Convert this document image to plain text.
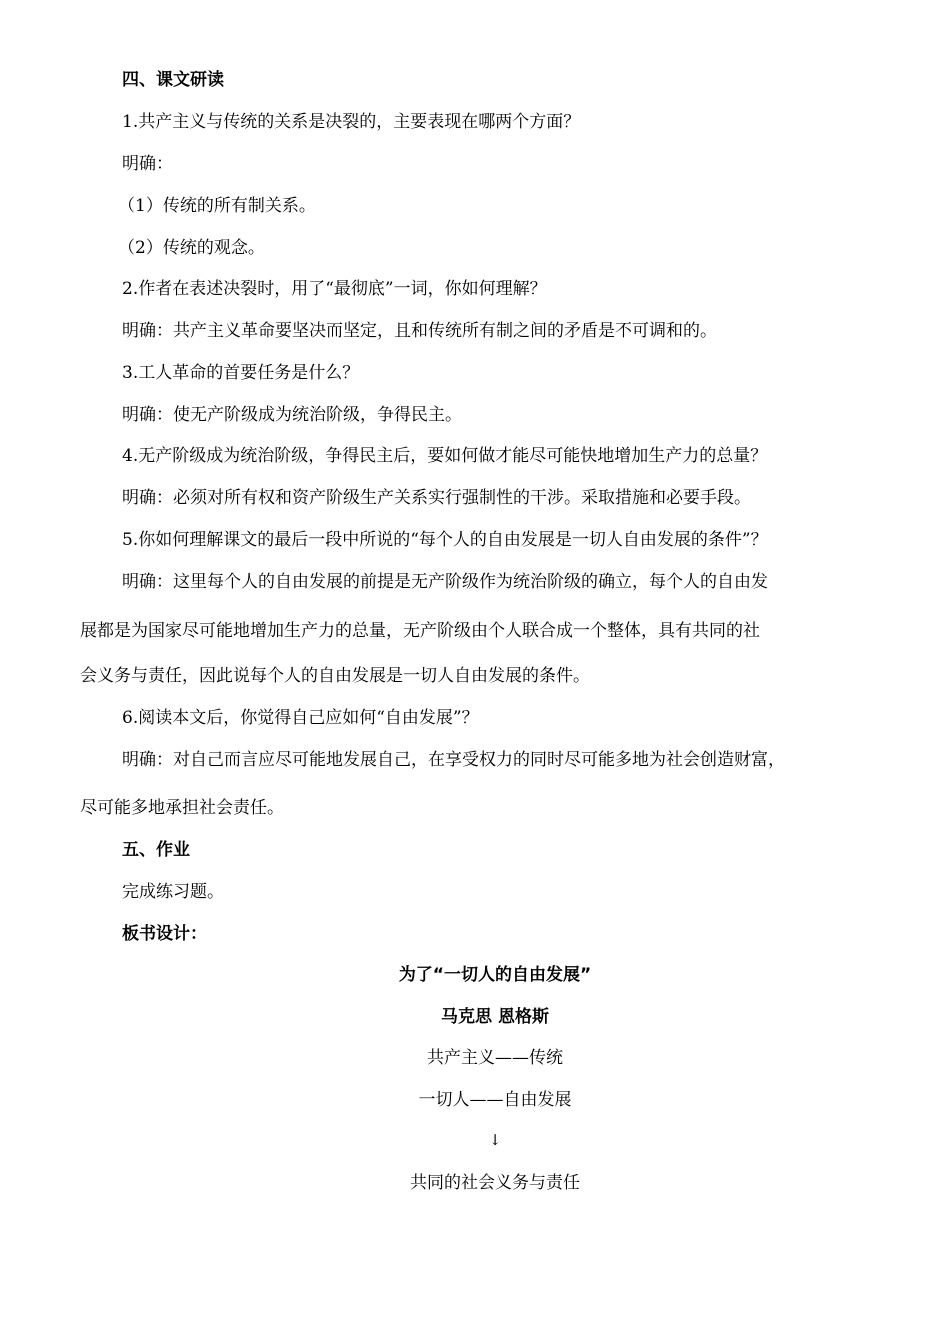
四、课文研读
1.共产主义与传统的关系是决裂的，主要表现在哪两个方面？
明确：
（1）传统的所有制关系。
（2）传统的观念。
2.作者在表述决裂时，用了“最彻底”一词，你如何理解？
明确：共产主义革命要坚决而坚定，且和传统所有制之间的矛盾是不可调和的。
3.工人革命的首要任务是什么？
明确：使无产阶级成为统治阶级，争得民主。
4.无产阶级成为统治阶级，争得民主后，要如何做才能尽可能快地增加生产力的总量？
明确：必须对所有权和资产阶级生产关系实行强制性的干涉。采取措施和必要手段。
5.你如何理解课文的最后一段中所说的“每个人的自由发展是一切人自由发展的条件”？
明确：这里每个人的自由发展的前提是无产阶级作为统治阶级的确立，每个人的自由发
展都是为国家尽可能地增加生产力的总量，无产阶级由个人联合成一个整体，具有共同的社
会义务与责任，因此说每个人的自由发展是一切人自由发展的条件。
6.阅读本文后，你觉得自己应如何“自由发展”？
明确：对自己而言应尽可能地发展自己，在享受权力的同时尽可能多地为社会创造财富，
尽可能多地承担社会责任。
五、作业
完成练习题。
板书设计：
为了“一切人的自由发展”
马克思 恩格斯
共产主义——传统
一切人——自由发展
↓
共同的社会义务与责任
